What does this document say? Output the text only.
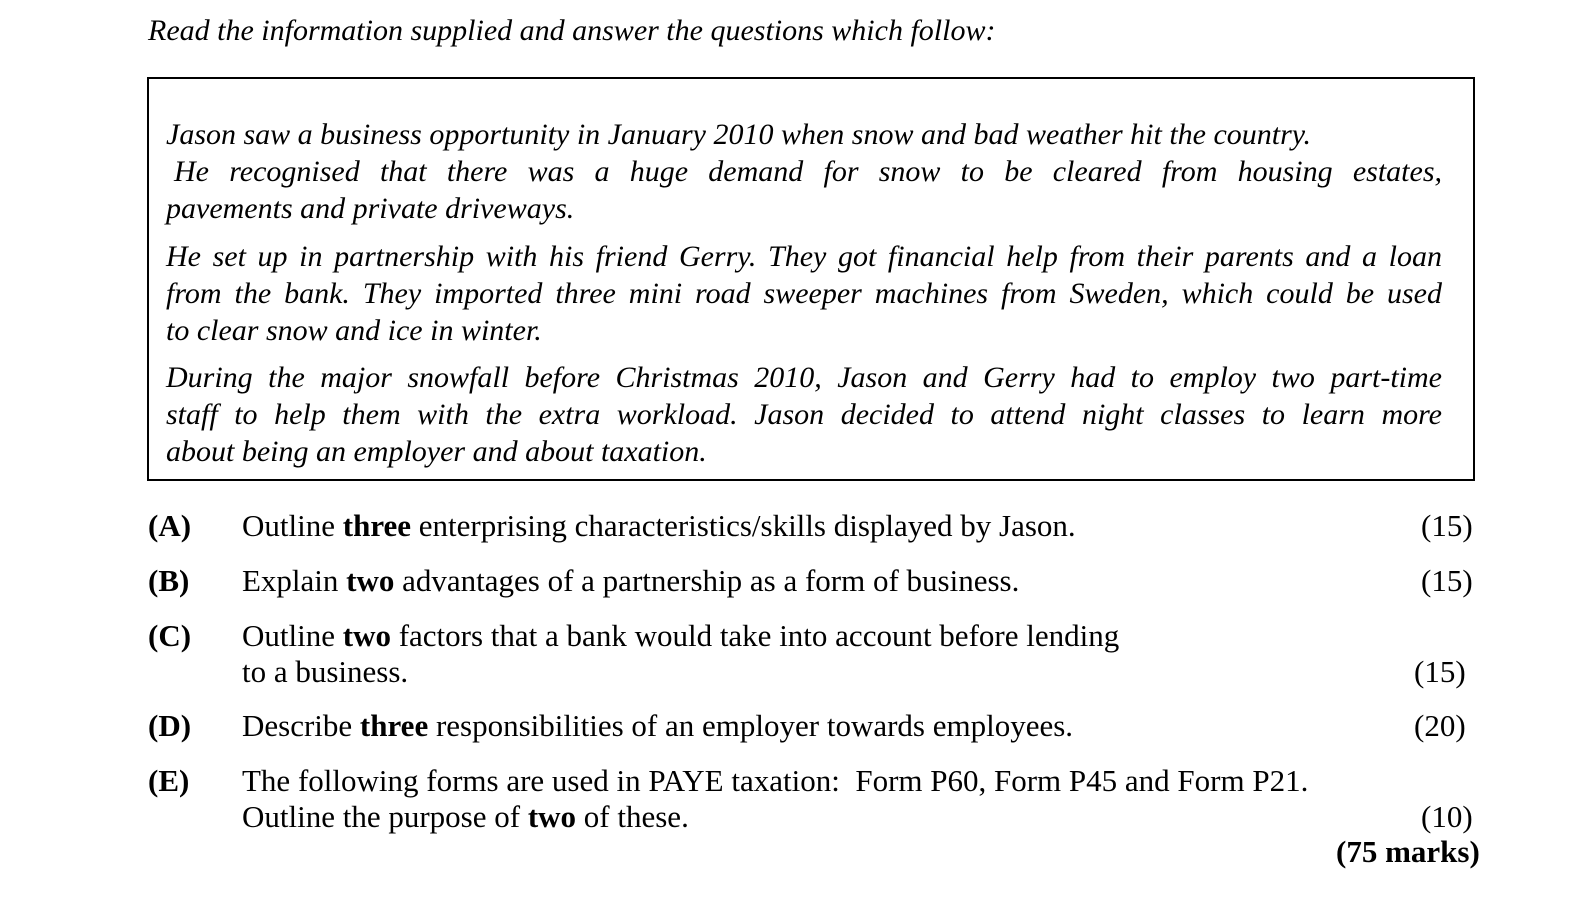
Read the information supplied and answer the questions which follow:
Jason saw a business opportunity in January 2010 when snow and bad weather hit the country.
He recognised that there was a huge demand for snow to be cleared from housing estates,
pavements and private driveways.
He set up in partnership with his friend Gerry. They got financial help from their parents and a loan
from the bank. They imported three mini road sweeper machines from Sweden, which could be used
to clear snow and ice in winter.
During the major snowfall before Christmas 2010, Jason and Gerry had to employ two part-time
staff to help them with the extra workload. Jason decided to attend night classes to learn more
about being an employer and about taxation.
(A) Outline three enterprising characteristics/skills displayed by Jason.	(15)
(B) Explain two advantages of a partnership as a form of business.	(15)
(C) Outline two factors that a bank would take into account before lending
to a business.	(15)
(D) Describe three responsibilities of an employer towards employees.	(20)
(E) The following forms are used in PAYE taxation:  Form P60, Form P45 and Form P21.
Outline the purpose of two of these.	(10)
(75 marks)
